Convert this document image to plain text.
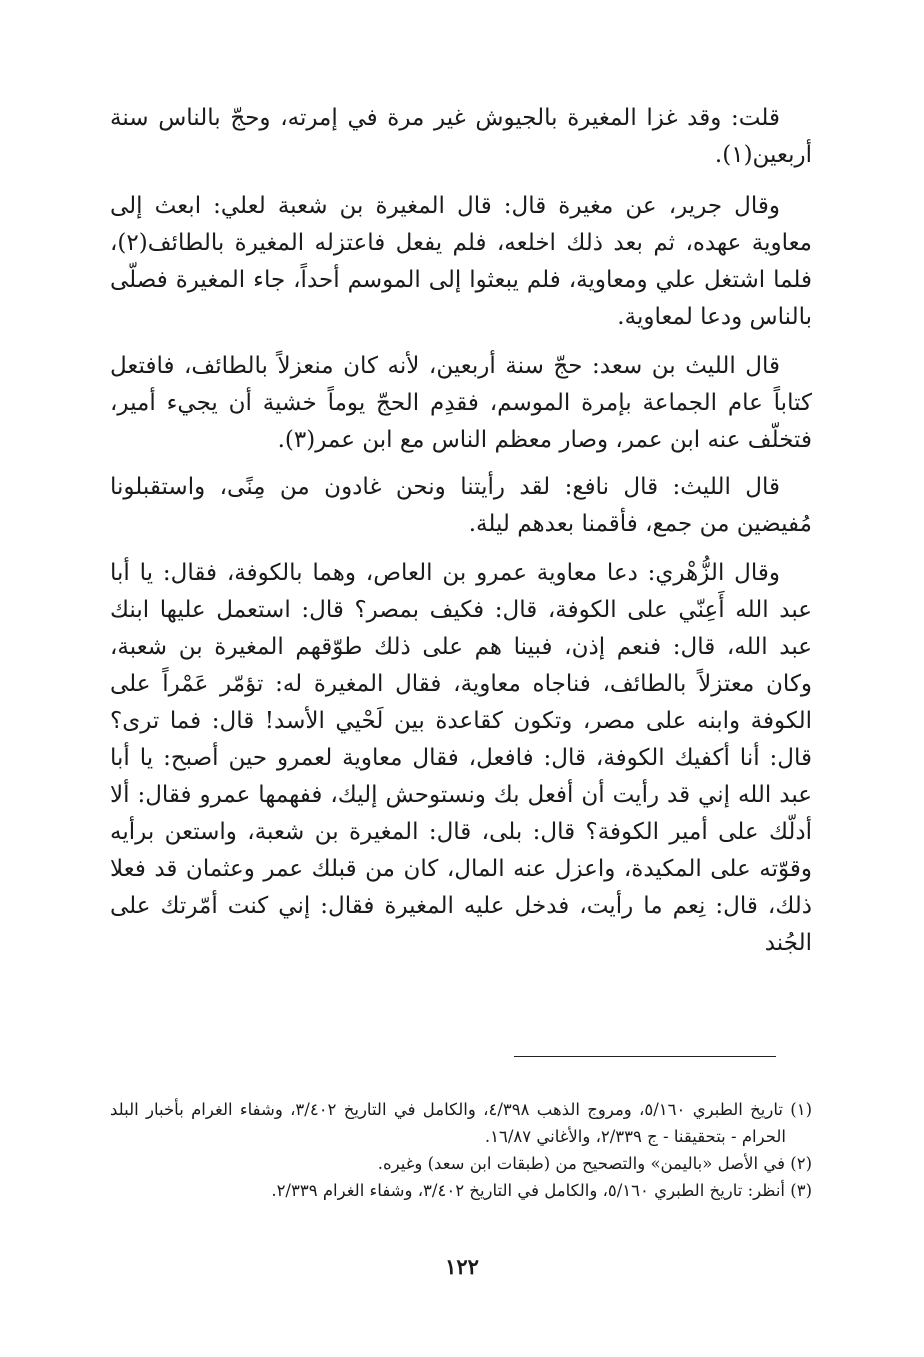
قلت: وقد غزا المغيرة بالجيوش غير مرة في إمرته، وحجّ بالناس سنة أربعين(١).

وقال جرير، عن مغيرة قال: قال المغيرة بن شعبة لعلي: ابعث إلى معاوية عهده، ثم بعد ذلك اخلعه، فلم يفعل فاعتزله المغيرة بالطائف(٢)، فلما اشتغل علي ومعاوية، فلم يبعثوا إلى الموسم أحداً، جاء المغيرة فصلّى بالناس ودعا لمعاوية.

قال الليث بن سعد: حجّ سنة أربعين، لأنه كان منعزلاً بالطائف، فافتعل كتاباً عام الجماعة بإمرة الموسم، فقدِم الحجّ يوماً خشية أن يجيء أمير، فتخلّف عنه ابن عمر، وصار معظم الناس مع ابن عمر(٣).

قال الليث: قال نافع: لقد رأيتنا ونحن غادون من مِنًى، واستقبلونا مُفيضين من جمع، فأقمنا بعدهم ليلة.

وقال الزُّهْري: دعا معاوية عمرو بن العاص، وهما بالكوفة، فقال: يا أبا عبد الله أَعِنّي على الكوفة، قال: فكيف بمصر؟ قال: استعمل عليها ابنك عبد الله، قال: فنعم إذن، فبينا هم على ذلك طوّقهم المغيرة بن شعبة، وكان معتزلاً بالطائف، فناجاه معاوية، فقال المغيرة له: تؤمّر عَمْراً على الكوفة وابنه على مصر، وتكون كقاعدة بين لَحْيي الأسد! قال: فما ترى؟ قال: أنا أكفيك الكوفة، قال: فافعل، فقال معاوية لعمرو حين أصبح: يا أبا عبد الله إني قد رأيت أن أفعل بك ونستوحش إليك، ففهمها عمرو فقال: ألا أدلّك على أمير الكوفة؟ قال: بلى، قال: المغيرة بن شعبة، واستعن برأيه وقوّته على المكيدة، واعزل عنه المال، كان من قبلك عمر وعثمان قد فعلا ذلك، قال: نِعم ما رأيت، فدخل عليه المغيرة فقال: إني كنت أمّرتك على الجُند

(١) تاريخ الطبري ٥/١٦٠، ومروج الذهب ٤/٣٩٨، والكامل في التاريخ ٣/٤٠٢، وشفاء الغرام بأخبار البلد الحرام - بتحقيقنا - ج ٢/٣٣٩، والأغاني ١٦/٨٧.

(٢) في الأصل «باليمن» والتصحيح من (طبقات ابن سعد) وغيره.

(٣) أنظر: تاريخ الطبري ٥/١٦٠، والكامل في التاريخ ٣/٤٠٢، وشفاء الغرام ٢/٣٣٩.

١٢٢
